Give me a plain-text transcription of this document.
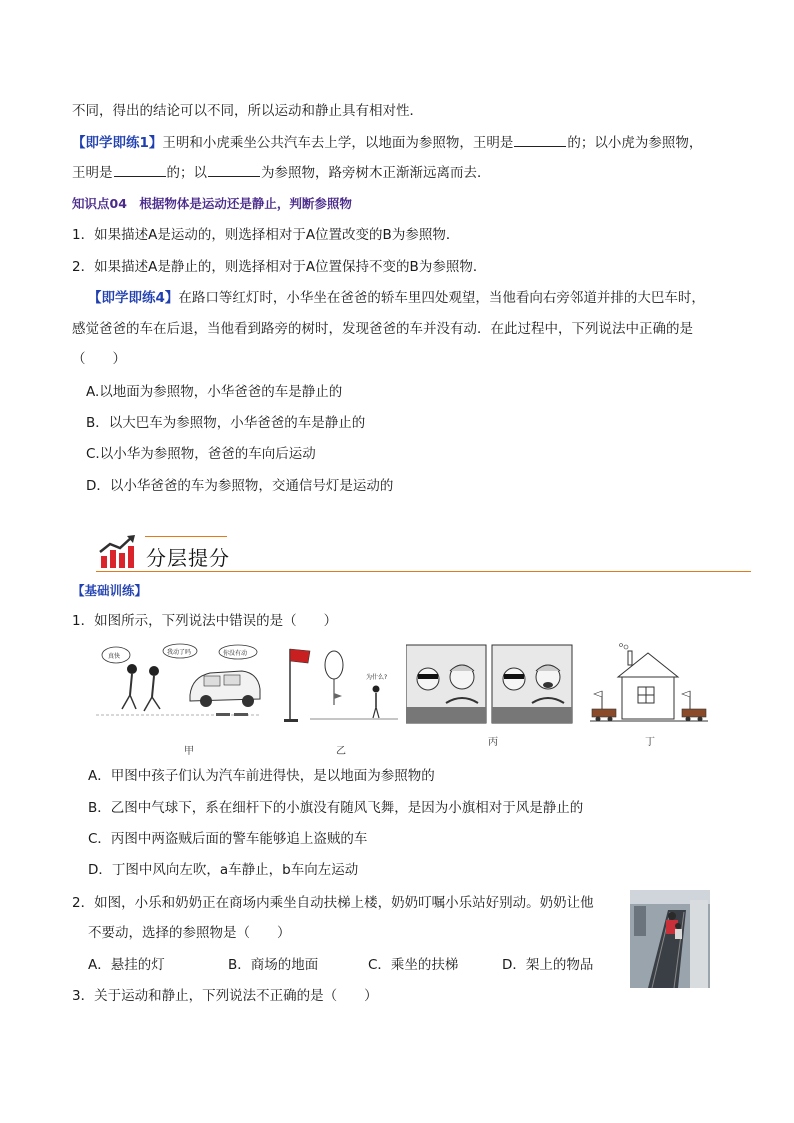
不同，得出的结论可以不同，所以运动和静止具有相对性．
【即学即练1】王明和小虎乘坐公共汽车去上学，以地面为参照物，王明是	的；以小虎为参照物，
王明是	的；以	为参照物，路旁树木正渐渐远离而去．
知识点04　根据物体是运动还是静止，判断参照物
1．如果描述A是运动的，则选择相对于A位置改变的B为参照物．
2．如果描述A是静止的，则选择相对于A位置保持不变的B为参照物．
【即学即练4】在路口等红灯时，小华坐在爸爸的轿车里四处观望，当他看向右旁邻道并排的大巴车时，
感觉爸爸的车在后退，当他看到路旁的树时，发现爸爸的车并没有动．在此过程中，下列说法中正确的是
（　　）
A.以地面为参照物，小华爸爸的车是静止的
B．以大巴车为参照物，小华爸爸的车是静止的
C.以小华为参照物，爸爸的车向后运动
D．以小华爸爸的车为参照物，交通信号灯是运动的
分层提分
【基础训练】
1．如图所示，下列说法中错误的是（　　）
真快
我动了吗	你没有动
甲
为什么?
乙
丙	丁
A．甲图中孩子们认为汽车前进得快，是以地面为参照物的
B．乙图中气球下，系在细杆下的小旗没有随风飞舞，是因为小旗相对于风是静止的
C．丙图中两盗贼后面的警车能够追上盗贼的车
D．丁图中风向左吹，a车静止，b车向左运动
2．如图，小乐和奶奶正在商场内乘坐自动扶梯上楼，奶奶叮嘱小乐站好别动。奶奶让他
不要动，选择的参照物是（　　）
A．悬挂的灯	B．商场的地面	C．乘坐的扶梯	D．架上的物品
3．关于运动和静止，下列说法不正确的是（　　）
